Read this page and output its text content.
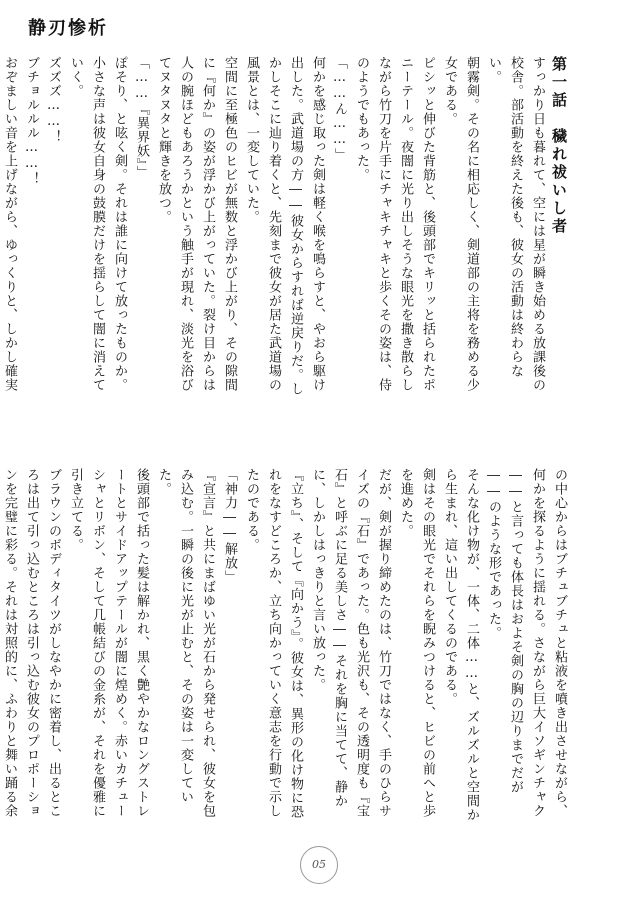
静刃惨析
第一話　穢れ祓いし者
すっかり日も暮れて、空には星が瞬き始める放課後の校舎。部活動を終えた後も、彼女の活動は終わらない。
朝霧剣。その名に相応しく、剣道部の主将を務める少女である。
ピシッと伸びた背筋と、後頭部でキリッと括られたポニーテール。夜闇に光り出しそうな眼光を撒き散らしながら竹刀を片手にチャキチャキと歩くその姿は、侍のようでもあった。
「……ん……」
何かを感じ取った剣は軽く喉を鳴らすと、やおら駆け出した。武道場の方――彼女からすれば逆戻りだ。しかしそこに辿り着くと、先刻まで彼女が居た武道場の風景とは、一変していた。
空間に至極色のヒビが無数と浮かび上がり、その隙間に『何か』の姿が浮かび上がっていた。裂け目からは人の腕ほどもあろうかという触手が現れ、淡光を浴びてヌタヌタと輝きを放つ。
「……『異界妖』」
ぽそり、と呟く剣。それは誰に向けて放ったものか。小さな声は彼女自身の鼓膜だけを揺らして闇に消えていく。
ズズズ……！
ブチョルルル……！
おぞましい音を上げながら、ゆっくりと、しかし確実

の中心からはブチュブチュと粘液を噴き出させながら、何かを探るように揺れる。さながら巨大イソギンチャク――と言っても体長はおよそ剣の胸の辺りまでだが――のような形であった。
そんな化け物が、一体、二体……と、ズルズルと空間から生まれ、這い出してくるのである。
剣はその眼光でそれらを睨みつけると、ヒビの前へと歩を進めた。
だが、剣が握り締めたのは、竹刀ではなく、手のひらサイズの『石』であった。色も光沢も、その透明度も『宝石』と呼ぶに足る美しさ――それを胸に当てて、静かに、しかしはっきりと言い放った。
『立ち』、そして『向かう』。彼女は、異形の化け物に恐れをなすどころか、立ち向かっていく意志を行動で示したのである。
「神力――解放」
『宣言』と共にまばゆい光が石から発せられ、彼女を包み込む。一瞬の後に光が止むと、その姿は一変していた。
後頭部で括った髪は解かれ、黒く艶やかなロングストレートとサイドアップテールが闇に煌めく。赤いカチューシャとリボン、そして几帳結びの金糸が、それを優雅に引き立てる。
ブラウンのボディタイツがしなやかに密着し、出るところは出て引っ込むところは引っ込む彼女のプロポーションを完璧に彩る。それは対照的に、ふわりと舞い踊る余

05
